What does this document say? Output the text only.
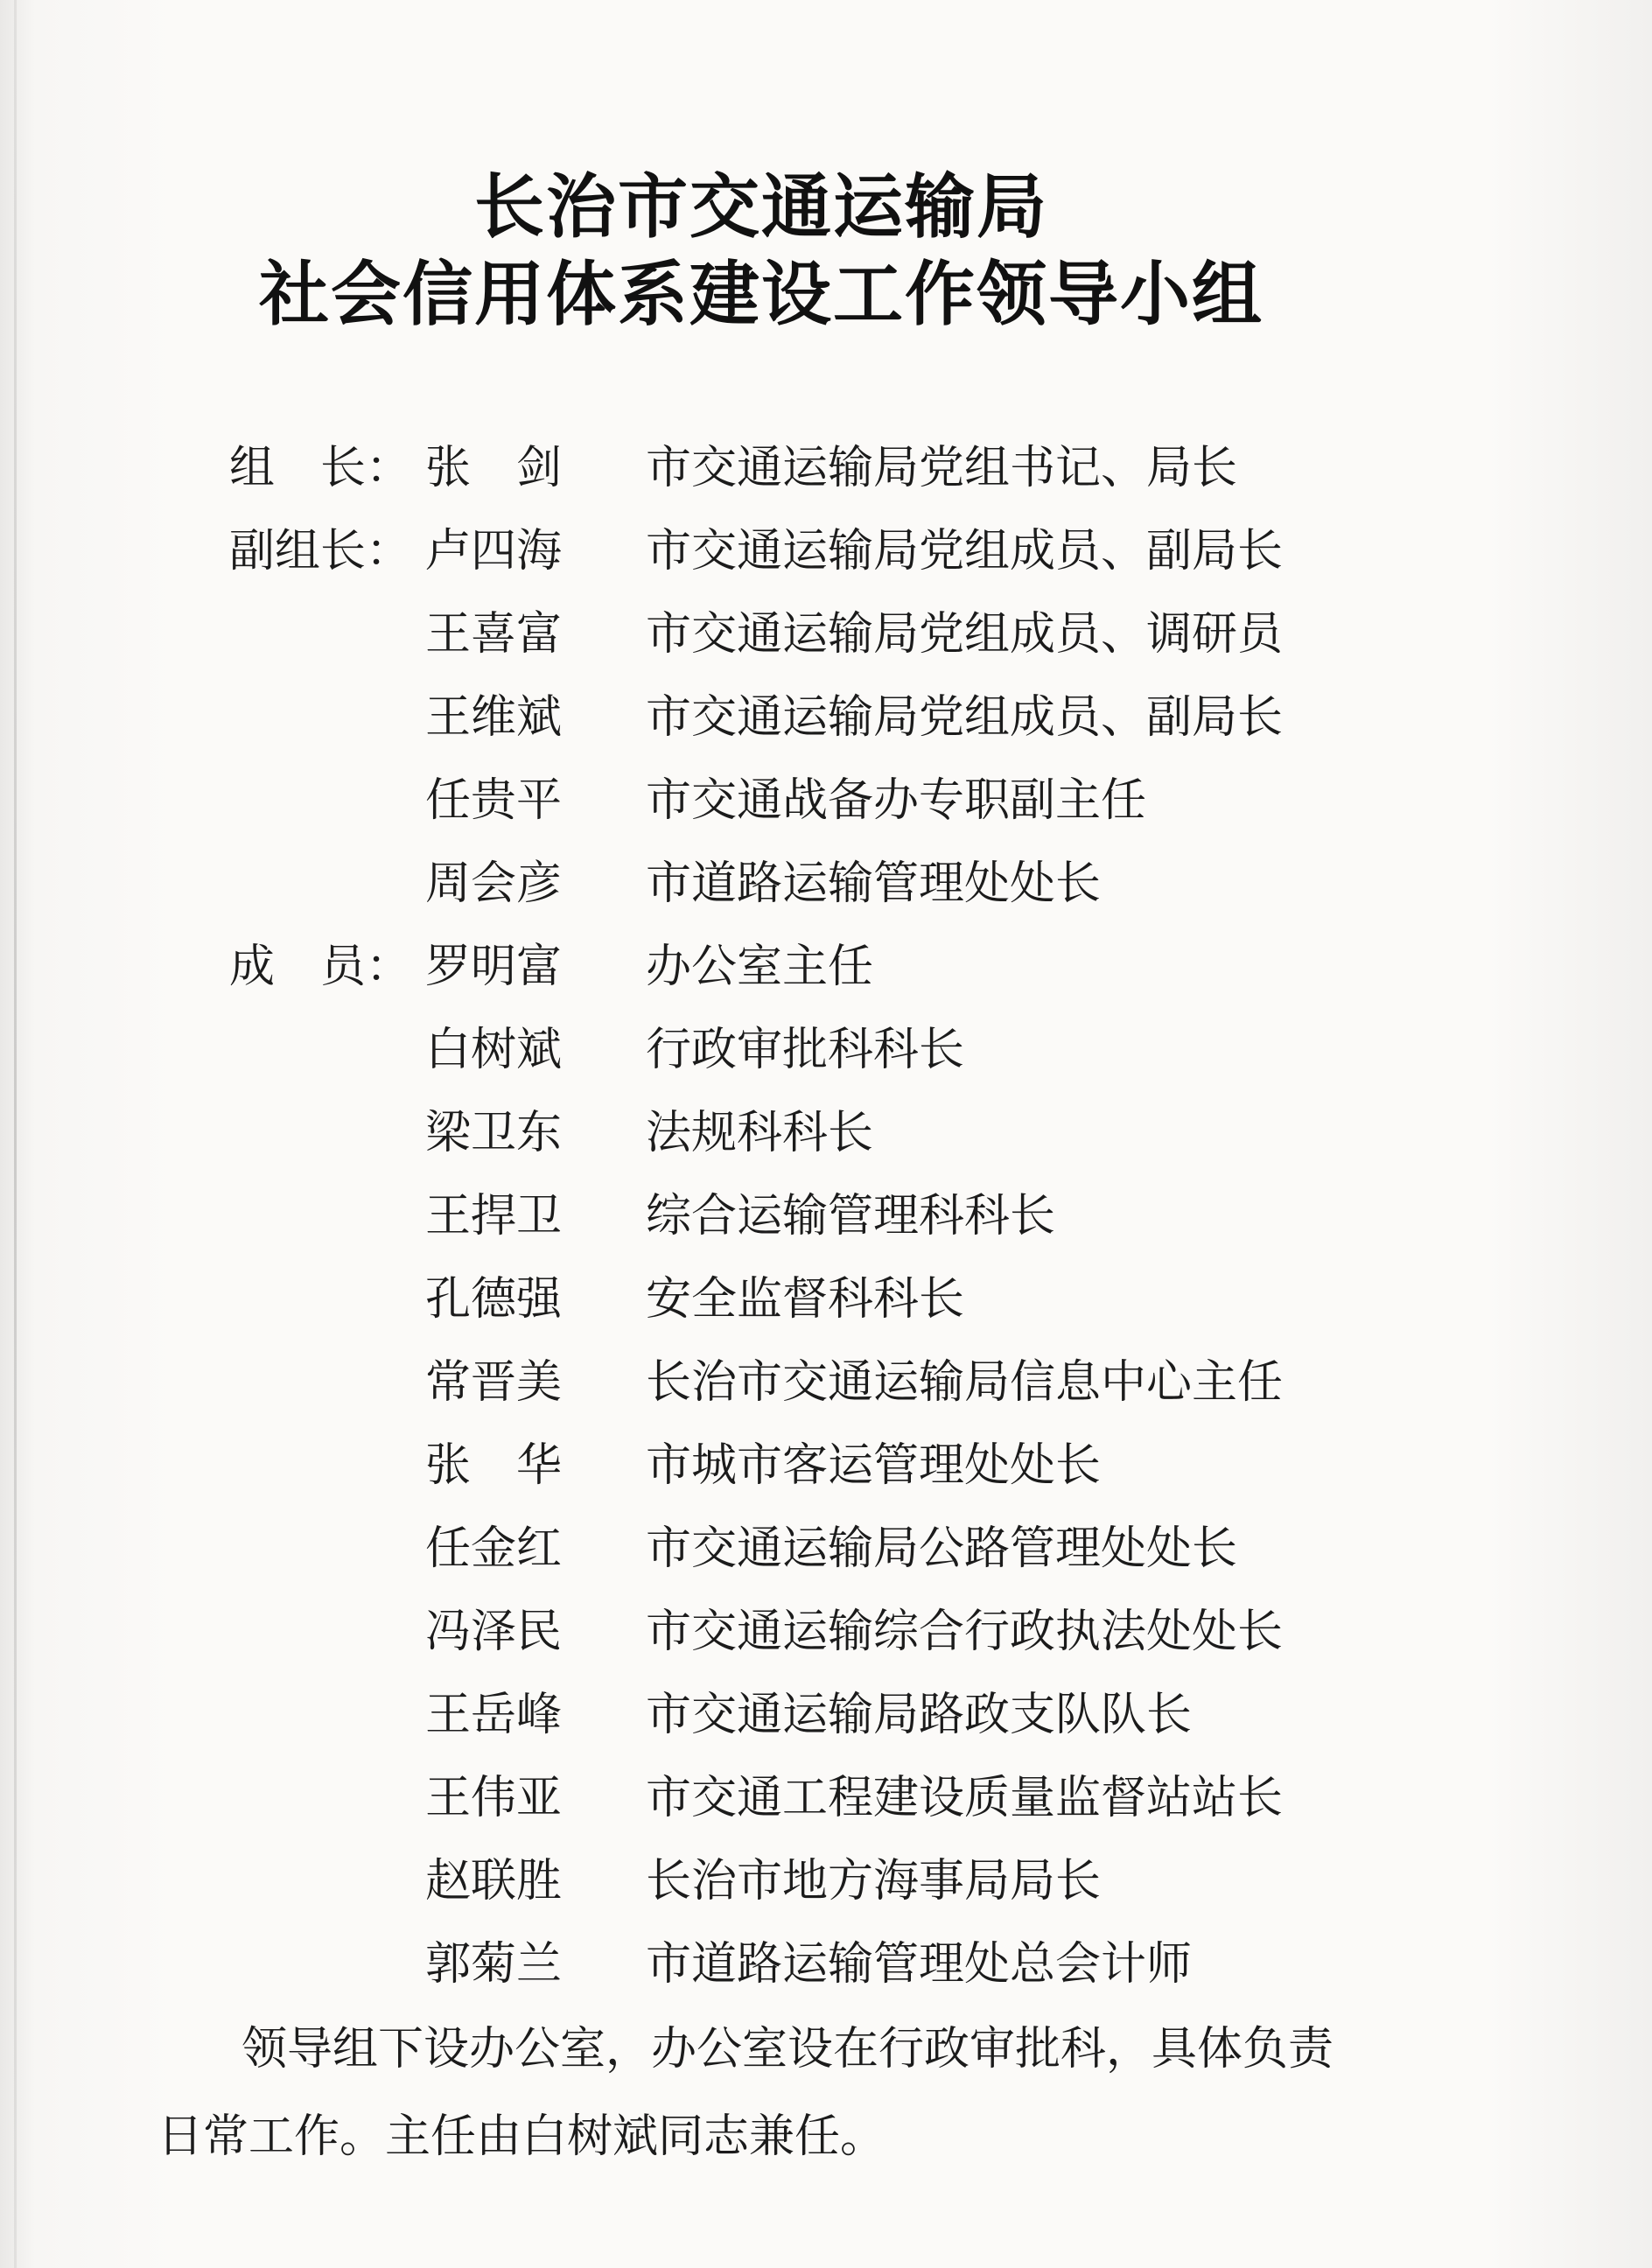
长治市交通运输局
社会信用体系建设工作领导小组
组　长： 张　剑	市交通运输局党组书记、局长
副组长： 卢四海	市交通运输局党组成员、副局长
王喜富	市交通运输局党组成员、调研员
王维斌	市交通运输局党组成员、副局长
任贵平	市交通战备办专职副主任
周会彦	市道路运输管理处处长
成　员： 罗明富	办公室主任
白树斌	行政审批科科长
梁卫东	法规科科长
王捍卫	综合运输管理科科长
孔德强	安全监督科科长
常晋美	长治市交通运输局信息中心主任
张　华	市城市客运管理处处长
任金红	市交通运输局公路管理处处长
冯泽民	市交通运输综合行政执法处处长
王岳峰	市交通运输局路政支队队长
王伟亚	市交通工程建设质量监督站站长
赵联胜	长治市地方海事局局长
郭菊兰	市道路运输管理处总会计师
领导组下设办公室，办公室设在行政审批科，具体负责
日常工作。主任由白树斌同志兼任。
